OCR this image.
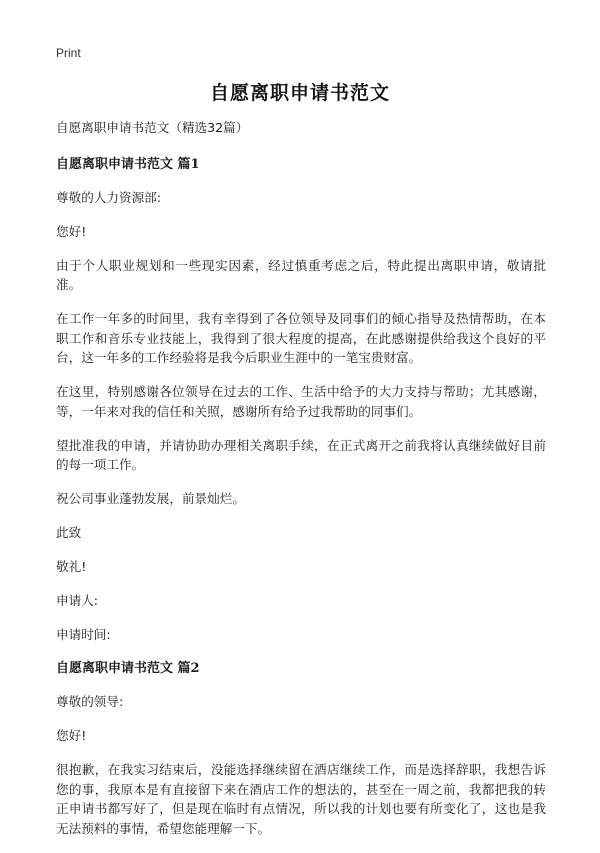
Print
自愿离职申请书范文

自愿离职申请书范文（精选32篇）

自愿离职申请书范文 篇1

尊敬的人力资源部:

您好!

由于个人职业规划和一些现实因素，经过慎重考虑之后，特此提出离职申请，敬请批准。

在工作一年多的时间里，我有幸得到了各位领导及同事们的倾心指导及热情帮助，在本职工作和音乐专业技能上，我得到了很大程度的提高，在此感谢提供给我这个良好的平台，这一年多的工作经验将是我今后职业生涯中的一笔宝贵财富。

在这里，特别感谢各位领导在过去的工作、生活中给予的大力支持与帮助；尤其感谢，等，一年来对我的信任和关照，感谢所有给予过我帮助的同事们。

望批准我的申请，并请协助办理相关离职手续，在正式离开之前我将认真继续做好目前的每一项工作。

祝公司事业蓬勃发展，前景灿烂。

此致

敬礼!

申请人:

申请时间:

自愿离职申请书范文 篇2

尊敬的领导:

您好!

很抱歉，在我实习结束后，没能选择继续留在酒店继续工作，而是选择辞职，我想告诉您的事，我原本是有直接留下来在酒店工作的想法的，甚至在一周之前，我都把我的转正申请书都写好了，但是现在临时有点情况，所以我的计划也要有所变化了，这也是我无法预料的事情，希望您能理解一下。
